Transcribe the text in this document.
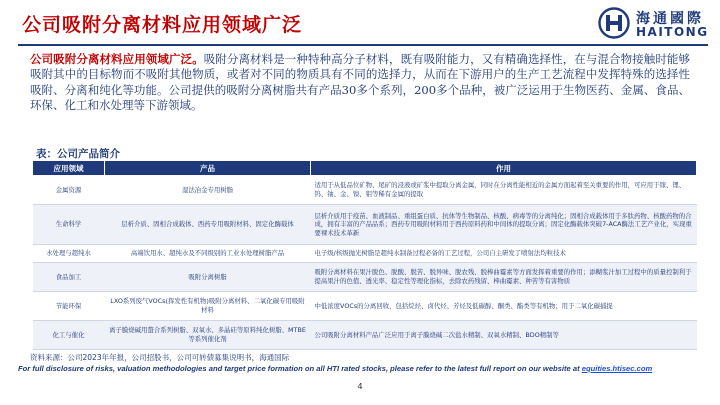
公司吸附分离材料应用领域广泛	海通國際
HAITONG

公司吸附分离材料应用领域广泛。吸附分离材料是一种特种高分子材料，既有吸附能力，又有精确选择性，在与混合物接触时能够吸附其中的目标物而不吸附其他物质，或者对不同的物质具有不同的选择力，从而在下游用户的生产工艺流程中发挥特殊的选择性吸附、分离和纯化等功能。公司提供的吸附分离树脂共有产品30多个系列，200多个品种，被广泛运用于生物医药、金属、食品、环保、化工和水处理等下游领域。

表：公司产品简介
应用领域	产品	作用
金属资源	湿法冶金专用树脂	适用于从低品位矿物、尾矿的浸液或矿浆中提取分离金属，同时在分离性能相近的金属方面起着至关重要的作用，可应用于镓、锂、钨、铀、金、镍、钼等稀有金属的提取
生命科学	层析介质、固相合成载体、西药专用吸附材料、固定化酶载体	层析介质用于疫苗、血液制品、重组蛋白质、抗体等生物制品、核酸、病毒等的分离纯化；固相合成载体用于多肽药物、核酸药物的合成，拥有丰富的产品品系；西药专用吸附材料用于西药原料药和中间体的提取分离；固定化酶载体突破7-ACA酶法工艺产业化，实现重要裸术技术革新
水处理与超纯水	高端饮用水、超纯水及不同级别的工业水处理树脂产品	电子级/核级抛光树脂是超纯水制备过程必备的工艺过程，公司自主研发了喷射法均粒技术
食品加工	吸附分离树脂	吸附分离材料在果汁脱色、脱酸、脱苦、脱异味、脱农残、脱棒曲霉素等方面发挥着重要的作用；添糊浆汁加工过程中的质量控制利于提高果汁的色值、透光率、稳定性等理化指标，去除农药残留、棒曲霉素、种苦等有害物质
节能环保	LXO系列废气VOCs(挥发性有机物)吸附分离材料、二氧化碳专用吸附材料	中低浓度VOCs的分离回收，包括烷烃、卤代烃、芳烃及低碳醇、酮类、酯类等有机物；用于二氧化碳捕捉
化工与催化	离子膜烧碱用螯合系列树脂、双氧水、多晶硅等原料纯化树脂、MTBE等系列催化剂	公司吸附分离材料产品广泛应用于离子膜烧碱二次盐水精制、双氧水精制、BDO精制等
资料来源：公司2023年年报，公司招股书，公司可转债募集说明书，海通国际
For full disclosure of risks, valuation methodologies and target price formation on all HTI rated stocks, please refer to the latest full report on our website at equities.htisec.com
4
